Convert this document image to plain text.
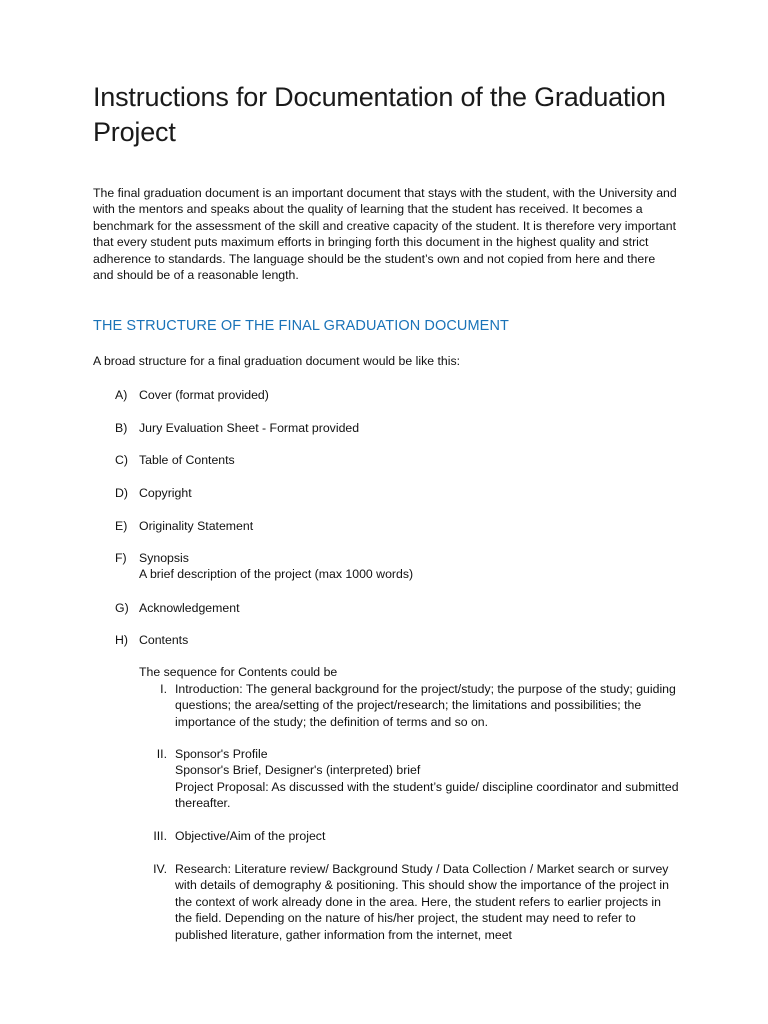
Instructions for Documentation of the Graduation Project
The final graduation document is an important document that stays with the student, with the University and with the mentors and speaks about the quality of learning that the student has received. It becomes a benchmark for the assessment of the skill and creative capacity of the student. It is therefore very important that every student puts maximum efforts in bringing forth this document in the highest quality and strict adherence to standards. The language should be the student’s own and not copied from here and there and should be of a reasonable length.
THE STRUCTURE OF THE FINAL GRADUATION DOCUMENT
A broad structure for a final graduation document would be like this:
A) Cover (format provided)
B) Jury Evaluation Sheet - Format provided
C) Table of Contents
D) Copyright
E) Originality Statement
F) Synopsis
A brief description of the project (max 1000 words)
G) Acknowledgement
H) Contents
The sequence for Contents could be
I. Introduction: The general background for the project/study; the purpose of the study; guiding questions; the area/setting of the project/research; the limitations and possibilities; the importance of the study; the definition of terms and so on.
II. Sponsor's Profile
Sponsor's Brief, Designer's (interpreted) brief
Project Proposal: As discussed with the student’s guide/ discipline coordinator and submitted thereafter.
III. Objective/Aim of the project
IV. Research: Literature review/ Background Study / Data Collection / Market search or survey with details of demography & positioning. This should show the importance of the project in the context of work already done in the area. Here, the student refers to earlier projects in the field. Depending on the nature of his/her project, the student may need to refer to published literature, gather information from the internet, meet
